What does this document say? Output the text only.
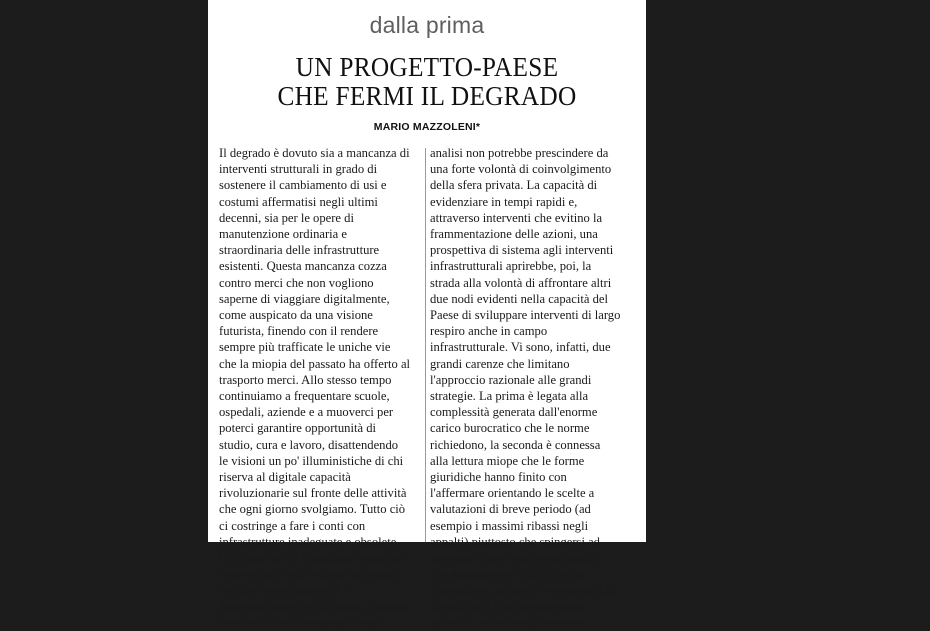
dalla prima
UN PROGETTO-PAESE
CHE FERMI IL DEGRADO
MARIO MAZZOLENI*
Il degrado è dovuto sia a mancanza di
interventi strutturali in grado di
sostenere il cambiamento di usi e
costumi affermatisi negli ultimi
decenni, sia per le opere di
manutenzione ordinaria e
straordinaria delle infrastrutture
esistenti. Questa mancanza cozza
contro merci che non vogliono
saperne di viaggiare digitalmente,
come auspicato da una visione
futurista, finendo con il rendere
sempre più trafficate le uniche vie
che la miopia del passato ha offerto al
trasporto merci. Allo stesso tempo
continuiamo a frequentare scuole,
ospedali, aziende e a muoverci per
poterci garantire opportunità di
studio, cura e lavoro, disattendendo
le visioni un po' illuministiche di chi
riserva al digitale capacità
rivoluzionarie sul fronte delle attività
che ogni giorno svolgiamo. Tutto ciò
ci costringe a fare i conti con
infrastrutture inadeguate e obsolete.
Le strade su cui viaggiamo mostrano
crepe sempre più evidenti o, peggio,
crollano repentinamente e
drammaticamente. Di fronte a questo
scenario, la cui complessità non
analisi non potrebbe prescindere da
una forte volontà di coinvolgimento
della sfera privata. La capacità di
evidenziare in tempi rapidi e,
attraverso interventi che evitino la
frammentazione delle azioni, una
prospettiva di sistema agli interventi
infrastrutturali aprirebbe, poi, la
strada alla volontà di affrontare altri
due nodi evidenti nella capacità del
Paese di sviluppare interventi di largo
respiro anche in campo
infrastrutturale. Vi sono, infatti, due
grandi carenze che limitano
l'approccio razionale alle grandi
strategie. La prima è legata alla
complessità generata dall'enorme
carico burocratico che le norme
richiedono, la seconda è connessa
alla lettura miope che le forme
giuridiche hanno finito con
l'affermare orientando le scelte a
valutazioni di breve periodo (ad
esempio i massimi ribassi negli
appalti) piuttosto che spingersi ad
assegnare opere attraverso analisi
che garantissero efficacia della
costruzione, ma anche responsabilità
diretta nella loro manutenzione.
Infine, in relazione all'enorme
